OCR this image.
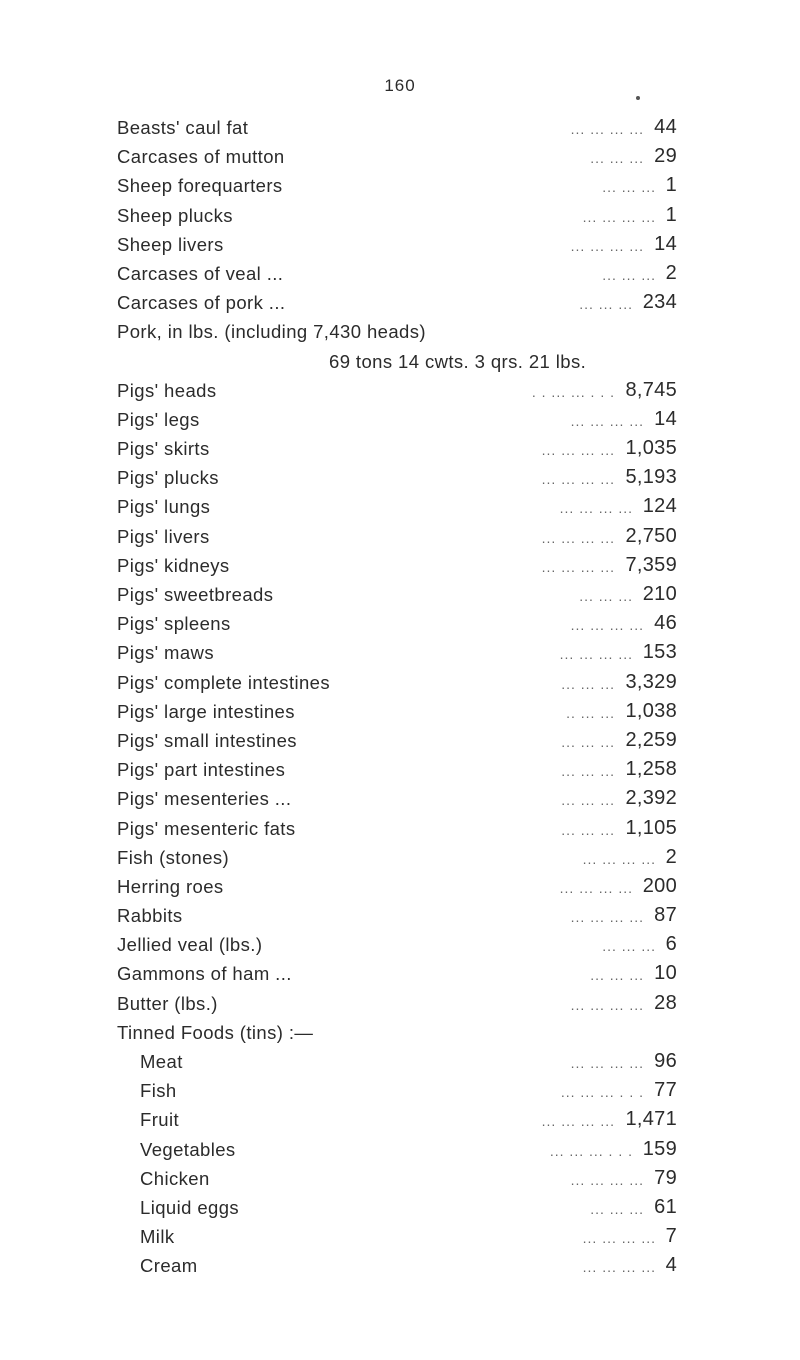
160
Beasts' caul fat	... ... ... ... 44
Carcases of mutton	... ... ... 29
Sheep forequarters	... ... ... 1
Sheep plucks	... ... ... ... 1
Sheep livers	... ... ... ... 14
Carcases of veal ...	... ... ... 2
Carcases of pork ...	... ... ... 234
Pork, in lbs. (including 7,430 heads)
69 tons 14 cwts. 3 qrs. 21 lbs.
Pigs' heads	. . ... ... . . . 8,745
Pigs' legs	... ... ... ... 14
Pigs' skirts	... ... ... ... 1,035
Pigs' plucks	... ... ... ... 5,193
Pigs' lungs	... ... ... ... 124
Pigs' livers	... ... ... ... 2,750
Pigs' kidneys	... ... ... ... 7,359
Pigs' sweetbreads	... ... ... 210
Pigs' spleens	... ... ... ... 46
Pigs' maws	... ... ... ... 153
Pigs' complete intestines	... ... ... 3,329
Pigs' large intestines	.. ... ... 1,038
Pigs' small intestines	... ... ... 2,259
Pigs' part intestines	... ... ... 1,258
Pigs' mesenteries ...	... ... ... 2,392
Pigs' mesenteric fats	... ... ... 1,105
Fish (stones)	... ... ... ... 2
Herring roes	... ... ... ... 200
Rabbits	... ... ... ... 87
Jellied veal (lbs.)	... ... ... 6
Gammons of ham ...	... ... ... 10
Butter (lbs.)	... ... ... ... 28
Tinned Foods (tins) :—
Meat	... ... ... ... 96
Fish	... ... ... . . . 77
Fruit	... ... ... ... 1,471
Vegetables	... ... ... . . . 159
Chicken	... ... ... ... 79
Liquid eggs	... ... ... 61
Milk	... ... ... ... 7
Cream	... ... ... ... 4
